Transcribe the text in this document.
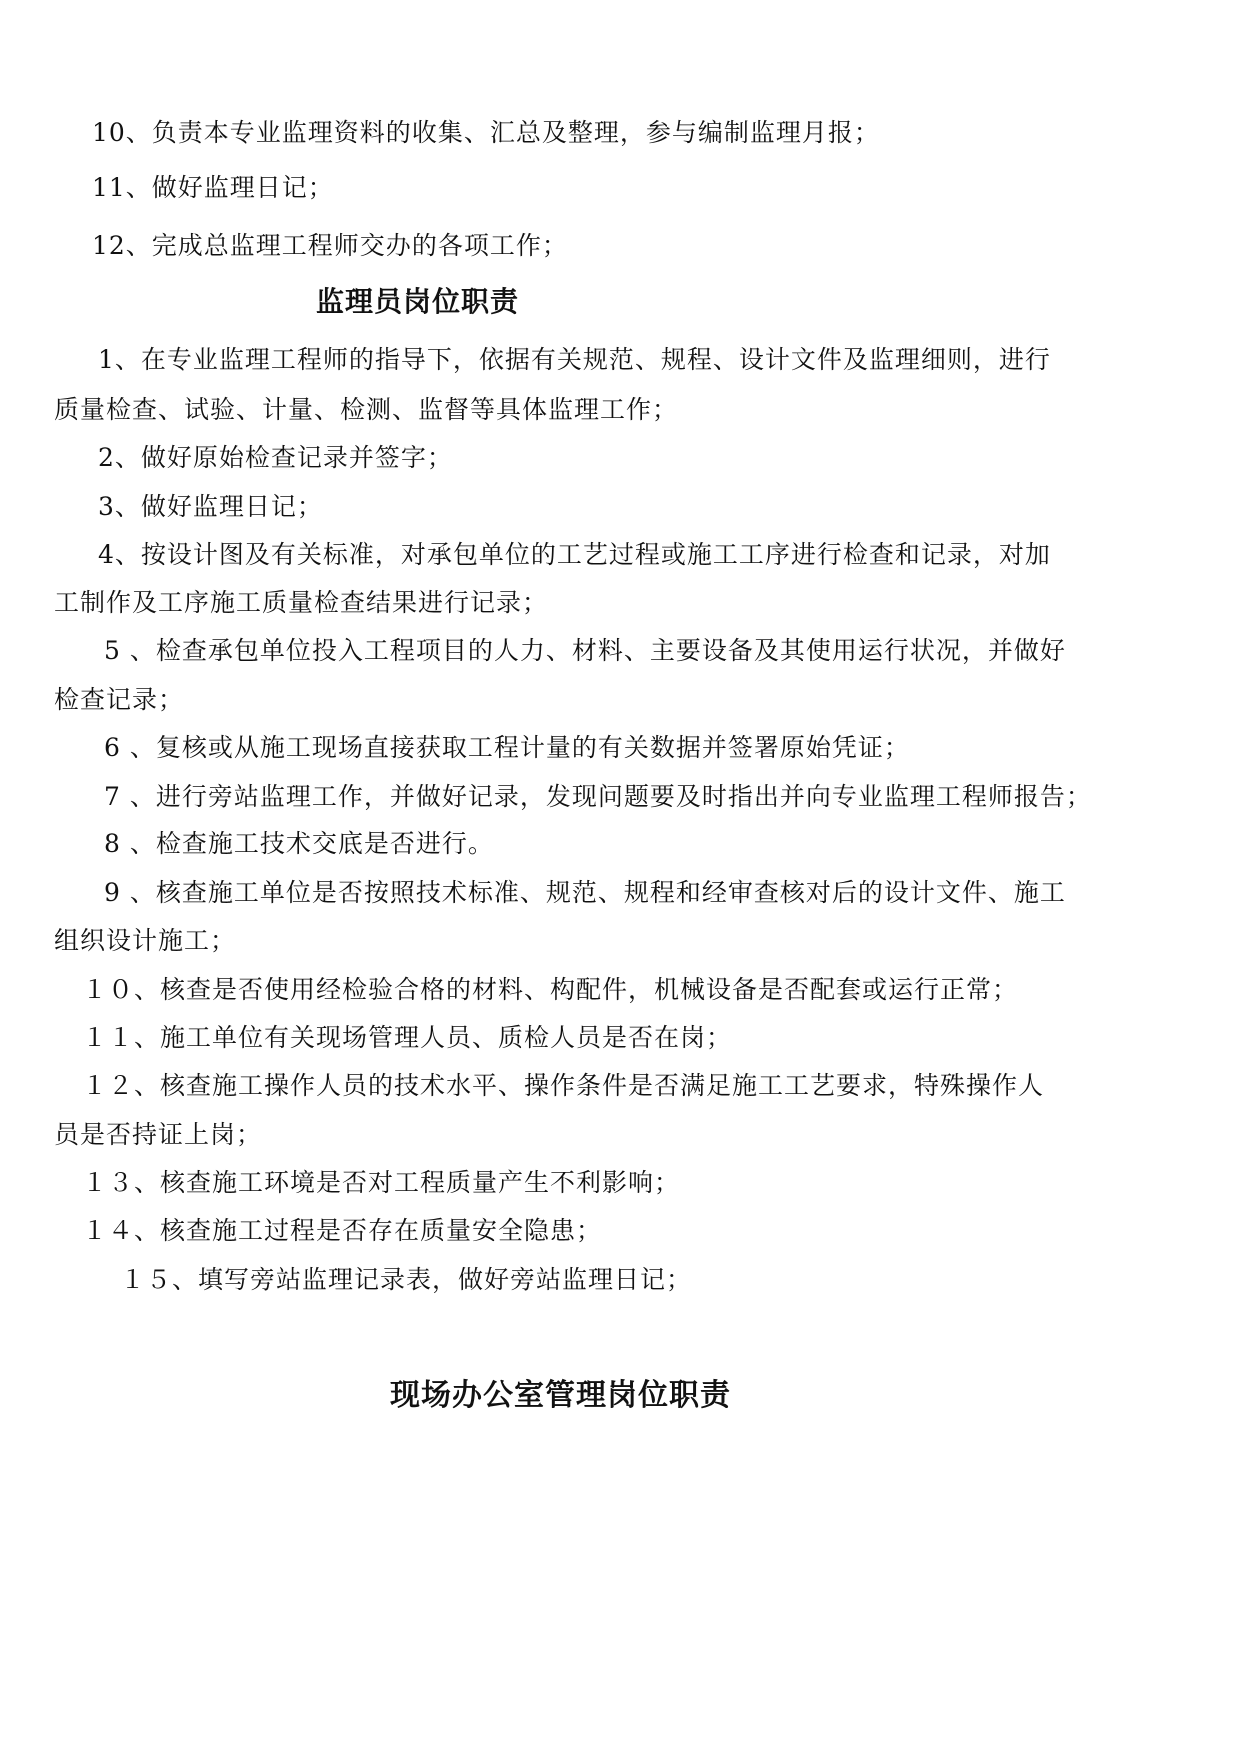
10、负责本专业监理资料的收集、汇总及整理，参与编制监理月报；
11、做好监理日记；
12、完成总监理工程师交办的各项工作；
监理员岗位职责
1、在专业监理工程师的指导下，依据有关规范、规程、设计文件及监理细则，进行
质量检查、试验、计量、检测、监督等具体监理工作；
2、做好原始检查记录并签字；
3、做好监理日记；
4、按设计图及有关标准，对承包单位的工艺过程或施工工序进行检查和记录，对加
工制作及工序施工质量检查结果进行记录；
5 、检查承包单位投入工程项目的人力、材料、主要设备及其使用运行状况，并做好
检查记录；
6 、复核或从施工现场直接获取工程计量的有关数据并签署原始凭证；
7 、进行旁站监理工作，并做好记录，发现问题要及时指出并向专业监理工程师报告；
8 、检查施工技术交底是否进行。
9 、核查施工单位是否按照技术标准、规范、规程和经审查核对后的设计文件、施工
组织设计施工；
１０、核查是否使用经检验合格的材料、构配件，机械设备是否配套或运行正常；
１１、施工单位有关现场管理人员、质检人员是否在岗；
１２、核查施工操作人员的技术水平、操作条件是否满足施工工艺要求，特殊操作人
员是否持证上岗；
１３、核查施工环境是否对工程质量产生不利影响；
１４、核查施工过程是否存在质量安全隐患；
１５、填写旁站监理记录表，做好旁站监理日记；
现场办公室管理岗位职责
